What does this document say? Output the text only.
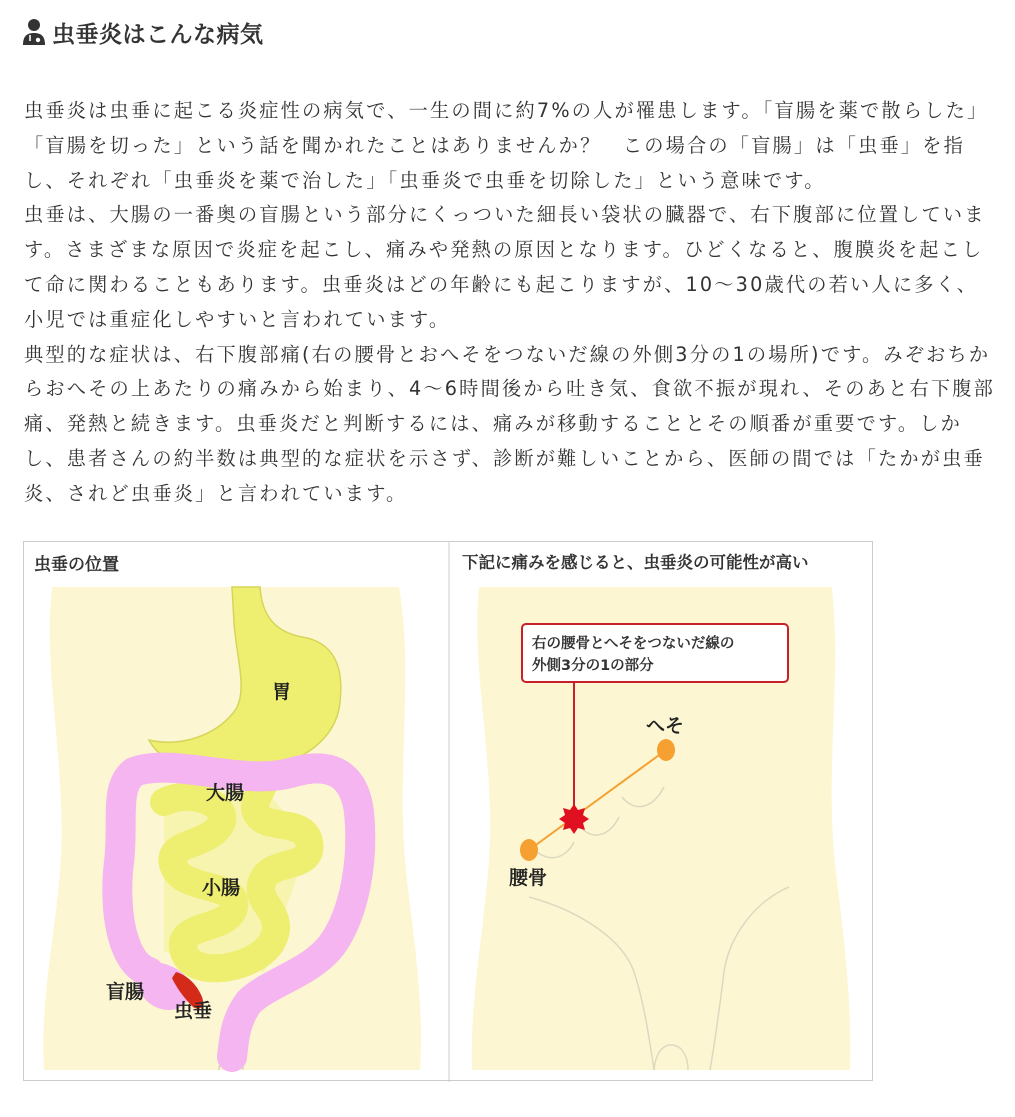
虫垂炎はこんな病気

虫垂炎は虫垂に起こる炎症性の病気で、一生の間に約7%の人が罹患します。「盲腸を薬で散らした」「盲腸を切った」という話を聞かれたことはありませんか？　この場合の「盲腸」は「虫垂」を指し、それぞれ「虫垂炎を薬で治した」「虫垂炎で虫垂を切除した」という意味です。

虫垂は、大腸の一番奥の盲腸という部分にくっついた細長い袋状の臓器で、右下腹部に位置しています。さまざまな原因で炎症を起こし、痛みや発熱の原因となります。ひどくなると、腹膜炎を起こして命に関わることもあります。虫垂炎はどの年齢にも起こりますが、10〜30歳代の若い人に多く、小児では重症化しやすいと言われています。

典型的な症状は、右下腹部痛(右の腰骨とおへそをつないだ線の外側3分の1の場所)です。みぞおちからおへその上あたりの痛みから始まり、4〜6時間後から吐き気、食欲不振が現れ、そのあと右下腹部痛、発熱と続きます。虫垂炎だと判断するには、痛みが移動することとその順番が重要です。しかし、患者さんの約半数は典型的な症状を示さず、診断が難しいことから、医師の間では「たかが虫垂炎、されど虫垂炎」と言われています。

虫垂の位置
胃
大腸
小腸
盲腸
虫垂
右の腰骨とへそをつないだ線の
外側3分の1の部分
下記に痛みを感じると、虫垂炎の可能性が高い
へそ
腰骨
